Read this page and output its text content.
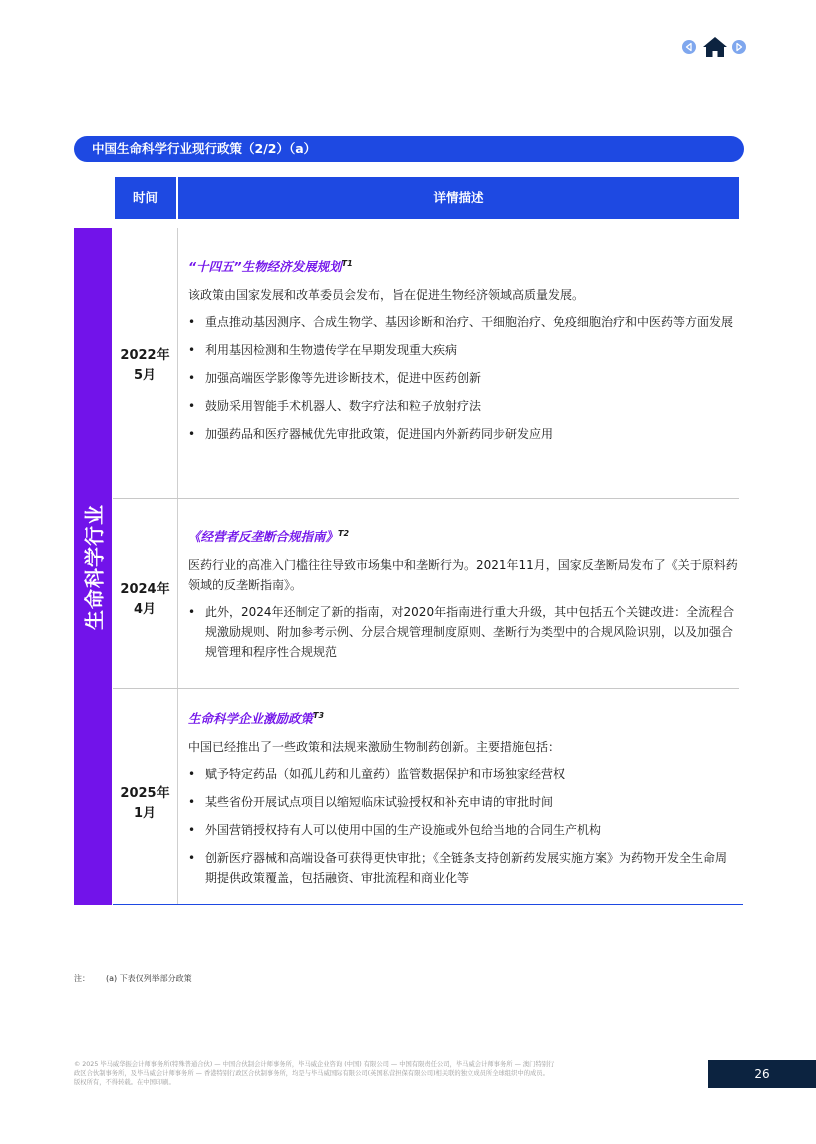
中国生命科学行业现行政策（2/2）（a）
时间	详情描述
生命科学行业
2022年
5月
“十四五”生物经济发展规划$^{T1}$
该政策由国家发展和改革委员会发布，旨在促进生物经济领域高质量发展。
• 重点推动基因测序、合成生物学、基因诊断和治疗、干细胞治疗、免疫细胞治疗和中医药等方面发展
• 利用基因检测和生物遗传学在早期发现重大疾病
• 加强高端医学影像等先进诊断技术，促进中医药创新
• 鼓励采用智能手术机器人、数字疗法和粒子放射疗法
• 加强药品和医疗器械优先审批政策，促进国内外新药同步研发应用
2024年
4月
《经营者反垄断合规指南》$^{T2}$
医药行业的高准入门槛往往导致市场集中和垄断行为。2021年11月，国家反垄断局发布了《关于原料药领域的反垄断指南》。
• 此外，2024年还制定了新的指南，对2020年指南进行重大升级，其中包括五个关键改进：全流程合规激励规则、附加参考示例、分层合规管理制度原则、垄断行为类型中的合规风险识别，以及加强合规管理和程序性合规规范
2025年
1月
生命科学企业激励政策$^{T3}$
中国已经推出了一些政策和法规来激励生物制药创新。主要措施包括：
• 赋予特定药品（如孤儿药和儿童药）监管数据保护和市场独家经营权
• 某些省份开展试点项目以缩短临床试验授权和补充申请的审批时间
• 外国营销授权持有人可以使用中国的生产设施或外包给当地的合同生产机构
• 创新医疗器械和高端设备可获得更快审批；《全链条支持创新药发展实施方案》为药物开发全生命周期提供政策覆盖，包括融资、审批流程和商业化等
注： (a) 下表仅列举部分政策
© 2025 毕马威华振会计师事务所(特殊普通合伙) — 中国合伙制会计师事务所，毕马威企业咨询 (中国) 有限公司 — 中国有限责任公司，毕马威会计师事务所 — 澳门特别行
政区合伙制事务所，及毕马威会计师事务所 — 香港特别行政区合伙制事务所，均是与毕马威国际有限公司(英国私营担保有限公司)相关联的独立成员所全球组织中的成员。
版权所有，不得转载。在中国印刷。
26
